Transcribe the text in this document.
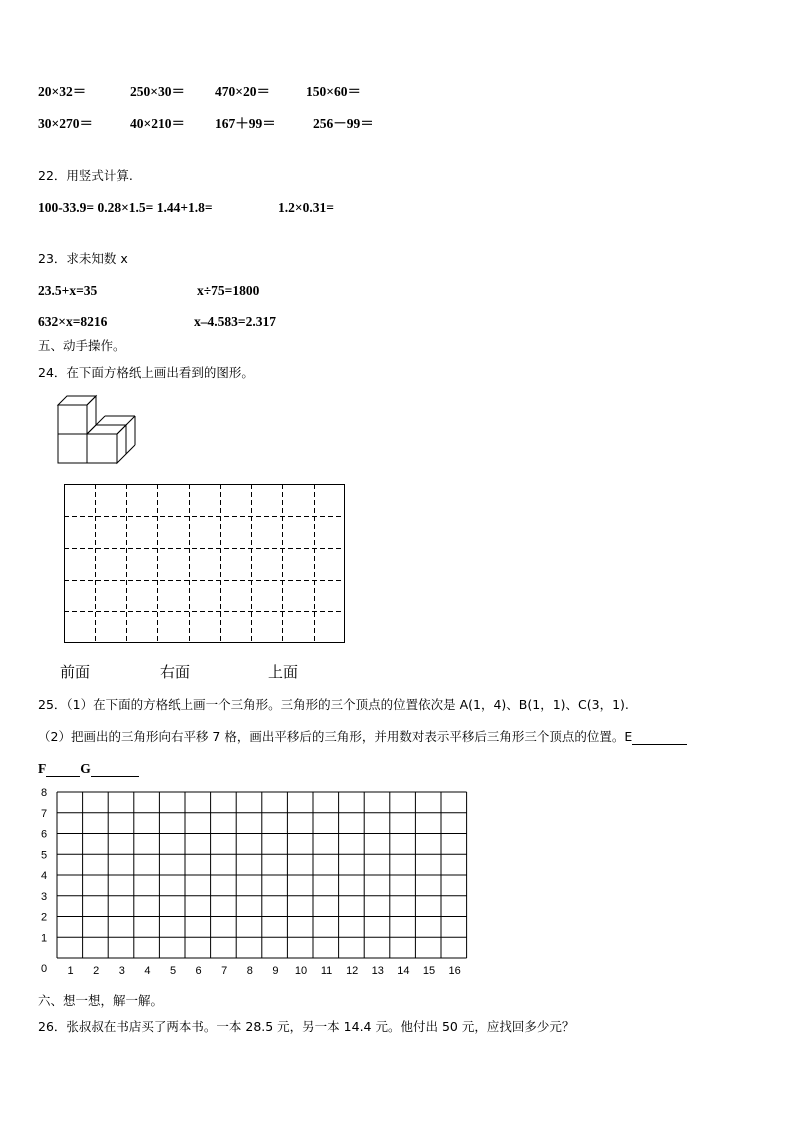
20×32＝	250×30＝ 470×20＝	150×60＝
30×270＝	40×210＝ 167＋99＝	256－99＝
22．用竖式计算.
100-33.9= 0.28×1.5= 1.44+1.8=	1.2×0.31=
23．求未知数 x
23.5+x=35	x÷75=1800
632×x=8216	x–4.583=2.317
五、动手操作。
24．在下面方格纸上画出看到的图形。
前面	右面	上面
25．（1）在下面的方格纸上画一个三角形。三角形的三个顶点的位置依次是 A(1，4)、B(1，1)、C(3，1).
（2）把画出的三角形向右平移 7 格，画出平移后的三角形，并用数对表示平移后三角形三个顶点的位置。E
F	G
8
7
6
5
4
3
2
1
0 1 2 3 4 5 6 7 8 9 10 11 12 13 14 15 16
六、想一想，解一解。
26．张叔叔在书店买了两本书。一本 28.5 元，另一本 14.4 元。他付出 50 元，应找回多少元？
